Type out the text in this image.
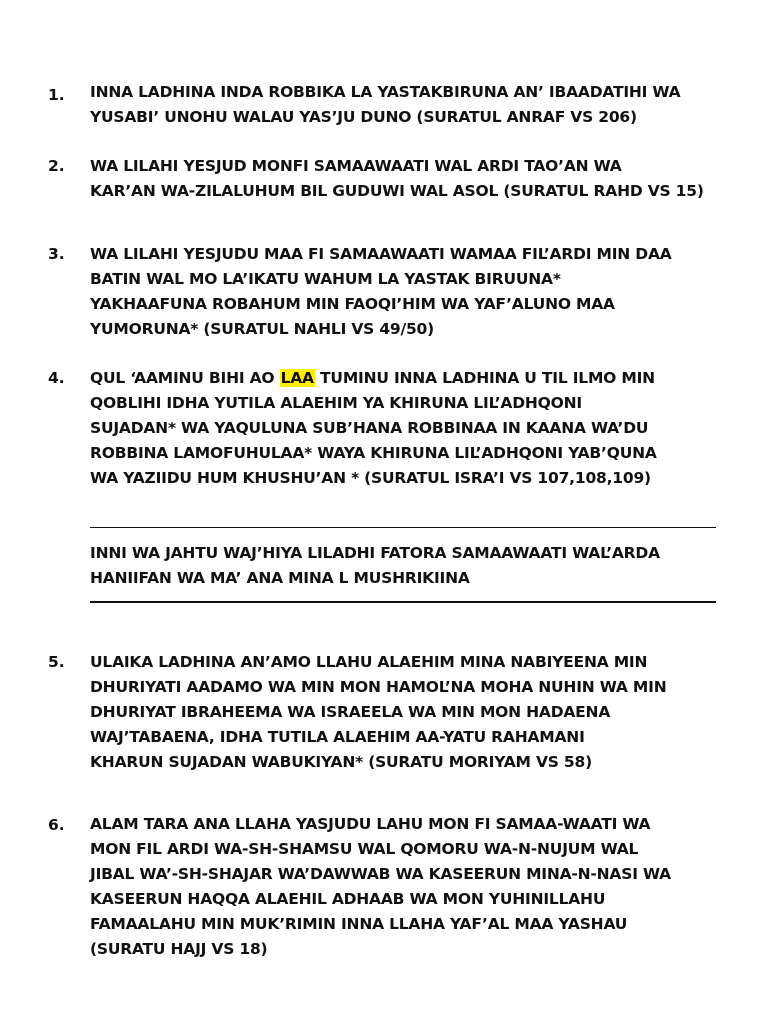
1.	INNA LADHINA INDA ROBBIKA LA YASTAKBIRUNA AN’ IBAADATIHI WA
YUSABI’ UNOHU WALAU YAS’JU DUNO (SURATUL ANRAF VS 206)
2.	WA LILAHI YESJUD MONFI SAMAAWAATI WAL ARDI TAO’AN WA
KAR’AN WA-ZILALUHUM BIL GUDUWI WAL ASOL (SURATUL RAHD VS 15)
3.	WA LILAHI YESJUDU MAA FI SAMAAWAATI WAMAA FIL’ARDI MIN DAA
BATIN WAL MO LA’IKATU WAHUM LA YASTAK BIRUUNA*
YAKHAAFUNA ROBAHUM MIN FAOQI’HIM WA YAF’ALUNO MAA
YUMORUNA* (SURATUL NAHLI VS 49/50)
4.	QUL ‘AAMINU BIHI AO LAA TUMINU INNA LADHINA U TIL ILMO MIN
QOBLIHI IDHA YUTILA ALAEHIM YA KHIRUNA LIL’ADHQONI
SUJADAN* WA YAQULUNA SUB’HANA ROBBINAA IN KAANA WA’DU
ROBBINA LAMOFUHULAA* WAYA KHIRUNA LIL’ADHQONI YAB’QUNA
WA YAZIIDU HUM KHUSHU’AN * (SURATUL ISRA’I VS 107,108,109)
INNI WA JAHTU WAJ’HIYA LILADHI FATORA SAMAAWAATI WAL’ARDA
HANIIFAN WA MA’ ANA MINA L MUSHRIKIINA
5.	ULAIKA LADHINA AN’AMO LLAHU ALAEHIM MINA NABIYEENA MIN
DHURIYATI AADAMO WA MIN MON HAMOL’NA MOHA NUHIN WA MIN
DHURIYAT IBRAHEEMA WA ISRAEELA WA MIN MON HADAENA
WAJ’TABAENA, IDHA TUTILA ALAEHIM AA-YATU RAHAMANI
KHARUN SUJADAN WABUKIYAN* (SURATU MORIYAM VS 58)
6.	ALAM TARA ANA LLAHA YASJUDU LAHU MON FI SAMAA-WAATI WA
MON FIL ARDI WA-SH-SHAMSU WAL QOMORU WA-N-NUJUM WAL
JIBAL WA’-SH-SHAJAR WA’DAWWAB WA KASEERUN MINA-N-NASI WA
KASEERUN HAQQA ALAEHIL ADHAAB WA MON YUHINILLAHU
FAMAALAHU MIN MUK’RIMIN INNA LLAHA YAF’AL MAA YASHAU
(SURATU HAJJ VS 18)
